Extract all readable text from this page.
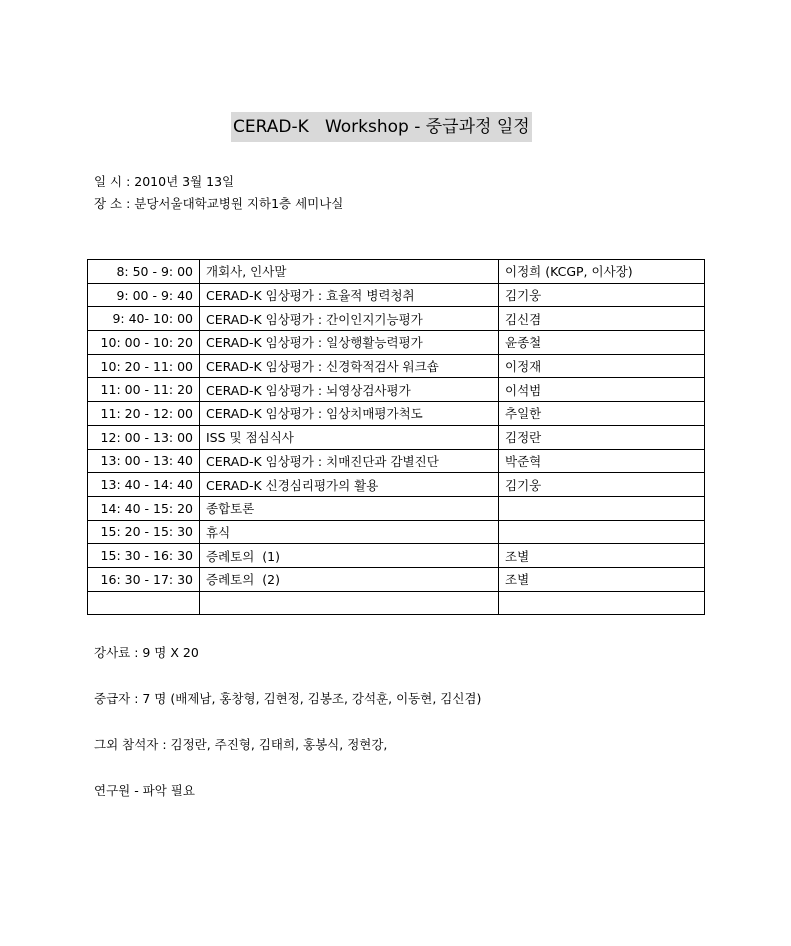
CERAD-K   Workshop - 중급과정 일정
일 시 : 2010년 3월 13일
장 소 : 분당서울대학교병원 지하1층 세미나실
8: 50 - 9: 00	개회사, 인사말	이정희 (KCGP, 이사장)
9: 00 - 9: 40	CERAD-K 임상평가 : 효율적 병력청취	김기웅
9: 40- 10: 00	CERAD-K 임상평가 : 간이인지기능평가	김신겸
10: 00 - 10: 20	CERAD-K 임상평가 : 일상행활능력평가	윤종철
10: 20 - 11: 00	CERAD-K 임상평가 : 신경학적검사 워크숍	이정재
11: 00 - 11: 20	CERAD-K 임상평가 : 뇌영상검사평가	이석범
11: 20 - 12: 00	CERAD-K 임상평가 : 임상치매평가척도	추일한
12: 00 - 13: 00	ISS 및 점심식사	김정란
13: 00 - 13: 40	CERAD-K 임상평가 : 치매진단과 감별진단	박준혁
13: 40 - 14: 40	CERAD-K 신경심리평가의 활용	김기웅
14: 40 - 15: 20	종합토론	
15: 20 - 15: 30	휴식	
15: 30 - 16: 30	증례토의  (1)	조별
16: 30 - 17: 30	증례토의  (2)	조별

강사료 : 9 명 X 20
중급자 : 7 명 (배제남, 홍창형, 김현정, 김봉조, 강석훈, 이동현, 김신겸)
그외 참석자 : 김정란, 주진형, 김태희, 홍봉식, 정현강,
연구원 - 파악 필요
